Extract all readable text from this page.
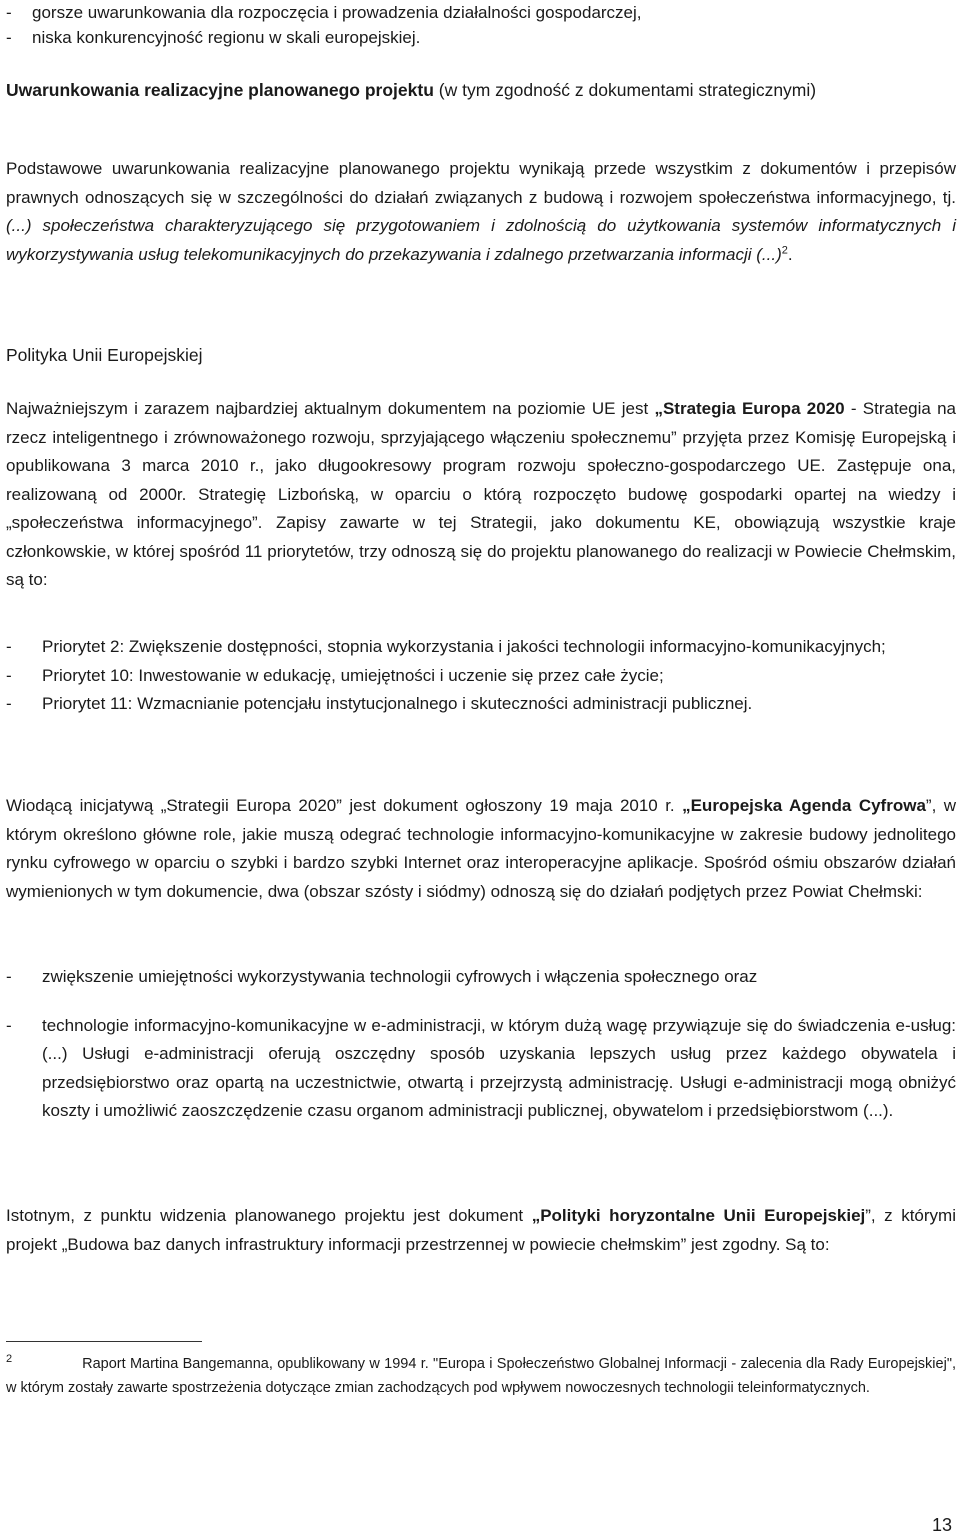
-	gorsze uwarunkowania dla rozpoczęcia i prowadzenia działalności gospodarczej,
-	niska konkurencyjność regionu w skali europejskiej.
Uwarunkowania realizacyjne planowanego projektu (w tym zgodność z dokumentami strategicznymi)
Podstawowe uwarunkowania realizacyjne planowanego projektu wynikają przede wszystkim z dokumentów i przepisów prawnych odnoszących się w szczególności do działań związanych z budową i rozwojem społeczeństwa informacyjnego, tj. (...) społeczeństwa charakteryzującego się przygotowaniem i zdolnością do użytkowania systemów informatycznych i wykorzystywania usług telekomunikacyjnych do przekazywania i zdalnego przetwarzania informacji (...)$^2$.
Polityka Unii Europejskiej
Najważniejszym i zarazem najbardziej aktualnym dokumentem na poziomie UE jest „Strategia Europa 2020 - Strategia na rzecz inteligentnego i zrównoważonego rozwoju, sprzyjającego włączeniu społecznemu” przyjęta przez Komisję Europejską i opublikowana 3 marca 2010 r., jako długookresowy program rozwoju społeczno-gospodarczego UE. Zastępuje ona, realizowaną od 2000r. Strategię Lizbońską, w oparciu o którą rozpoczęto budowę gospodarki opartej na wiedzy i „społeczeństwa informacyjnego”. Zapisy zawarte w tej Strategii, jako dokumentu KE, obowiązują wszystkie kraje członkowskie, w której spośród 11 priorytetów, trzy odnoszą się do projektu planowanego do realizacji w Powiecie Chełmskim, są to:
-	Priorytet 2: Zwiększenie dostępności, stopnia wykorzystania i jakości technologii informacyjno-komunikacyjnych;
-	Priorytet 10: Inwestowanie w edukację, umiejętności i uczenie się przez całe życie;
-	Priorytet 11: Wzmacnianie potencjału instytucjonalnego i skuteczności administracji publicznej.
Wiodącą inicjatywą „Strategii Europa 2020” jest dokument ogłoszony 19 maja 2010 r. „Europejska Agenda Cyfrowa”, w którym określono główne role, jakie muszą odegrać technologie informacyjno-komunikacyjne w zakresie budowy jednolitego rynku cyfrowego w oparciu o szybki i bardzo szybki Internet oraz interoperacyjne aplikacje. Spośród ośmiu obszarów działań wymienionych w tym dokumencie, dwa (obszar szósty i siódmy) odnoszą się do działań podjętych przez Powiat Chełmski:
-	zwiększenie umiejętności wykorzystywania technologii cyfrowych i włączenia społecznego oraz
-	technologie informacyjno-komunikacyjne w e-administracji, w którym dużą wagę przywiązuje się do świadczenia e-usług: (...) Usługi e-administracji oferują oszczędny sposób uzyskania lepszych usług przez każdego obywatela i przedsiębiorstwo oraz opartą na uczestnictwie, otwartą i przejrzystą administrację. Usługi e-administracji mogą obniżyć koszty i umożliwić zaoszczędzenie czasu organom administracji publicznej, obywatelom i przedsiębiorstwom (...).
Istotnym, z punktu widzenia planowanego projektu jest dokument „Polityki horyzontalne Unii Europejskiej”, z którymi projekt „Budowa baz danych infrastruktury informacji przestrzennej w powiecie chełmskim” jest zgodny. Są to:
$^2$	Raport Martina Bangemanna, opublikowany w 1994 r. "Europa i Społeczeństwo Globalnej Informacji - zalecenia dla Rady Europejskiej", w którym zostały zawarte spostrzeżenia dotyczące zmian zachodzących pod wpływem nowoczesnych technologii teleinformatycznych.
13
